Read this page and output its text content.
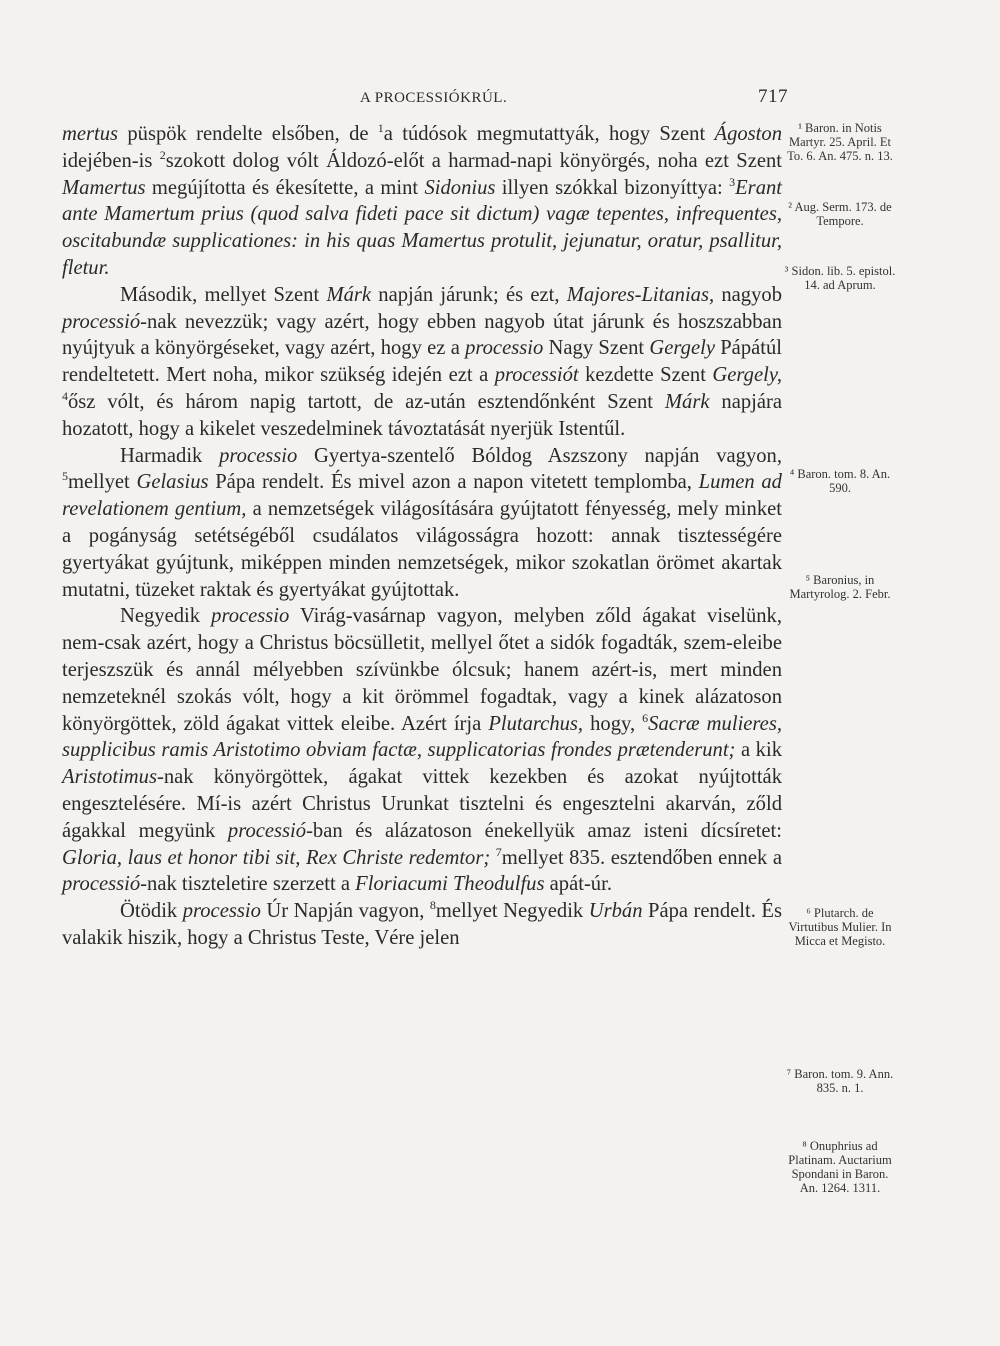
A PROCESSIÓKRÚL.	717

mertus püspök rendelte elsőben, de $^1$a túdósok megmutattyák, hogy Szent Ágoston idejében-is $^2$szokott dolog vólt Áldozó-előt a harmad-napi könyörgés, noha ezt Szent Mamertus megújította és ékesítette, a mint Sidonius illyen szókkal bizonyíttya: $^3$Erant ante Mamertum prius (quod salva fideti pace sit dictum) vagæ tepentes, infrequentes, oscitabundæ supplicationes: in his quas Mamertus protulit, jejunatur, oratur, psallitur, fletur.

Második, mellyet Szent Márk napján járunk; és ezt, Majores-Litanias, nagyob processió-nak nevezzük; vagy azért, hogy ebben nagyob útat járunk és hoszszabban nyújtyuk a könyörgéseket, vagy azért, hogy ez a processio Nagy Szent Gergely Pápátúl rendeltetett. Mert noha, mikor szükség idején ezt a processiót kezdette Szent Gergely, $^4$ősz vólt, és három napig tartott, de az-után esztendőnként Szent Márk napjára hozatott, hogy a kikelet veszedelminek távoztatását nyerjük Istentűl.

Harmadik processio Gyertya-szentelő Bóldog Aszszony napján vagyon, $^5$mellyet Gelasius Pápa rendelt. És mivel azon a napon vitetett templomba, Lumen ad revelationem gentium, a nemzetségek világosítására gyújtatott fényesség, mely minket a pogányság setétségéből csudálatos világosságra hozott: annak tisztességére gyertyákat gyújtunk, miképpen minden nemzetségek, mikor szokatlan örömet akartak mutatni, tüzeket raktak és gyertyákat gyújtottak.

Negyedik processio Virág-vasárnap vagyon, melyben zőld ágakat viselünk, nem-csak azért, hogy a Christus böcsülletit, mellyel őtet a sidók fogadták, szem-eleibe terjeszszük és annál mélyebben szívünkbe ólcsuk; hanem azért-is, mert minden nemzeteknél szokás vólt, hogy a kit örömmel fogadtak, vagy a kinek alázatoson könyörgöttek, zöld ágakat vittek eleibe. Azért írja Plutarchus, hogy, $^6$Sacræ mulieres, supplicibus ramis Aristotimo obviam factæ, supplicatorias frondes prætenderunt; a kik Aristotimus-nak könyörgöttek, ágakat vittek kezekben és azokat nyújtották engesztelésére. Mí-is azért Christus Urunkat tisztelni és engesztelni akarván, zőld ágakkal megyünk processió-ban és alázatoson énekellyük amaz isteni dícsíretet: Gloria, laus et honor tibi sit, Rex Christe redemtor; $^7$mellyet 835. esztendőben ennek a processió-nak tiszteletire szerzett a Floriacumi Theodulfus apát-úr.

Ötödik processio Úr Napján vagyon, $^8$mellyet Negyedik Urbán Pápa rendelt. És valakik hiszik, hogy a Christus Teste, Vére jelen

¹ Baron. in Notis Martyr. 25. April. Et To. 6. An. 475. n. 13.
² Aug. Serm. 173. de Tempore.
³ Sidon. lib. 5. epistol. 14. ad Aprum.
⁴ Baron. tom. 8. An. 590.
⁵ Baronius, in Martyrolog. 2. Febr.
⁶ Plutarch. de Virtutibus Mulier. In Micca et Megisto.
⁷ Baron. tom. 9. Ann. 835. n. 1.
⁸ Onuphrius ad Platinam. Auctarium Spondani in Baron. An. 1264. 1311.
